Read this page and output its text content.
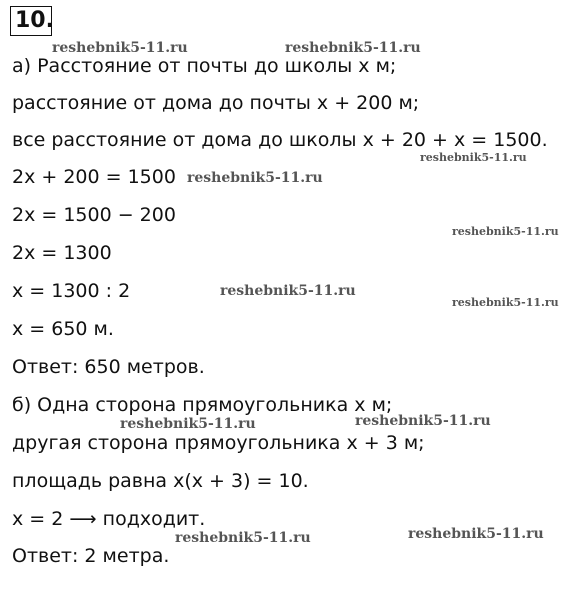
10.
а) Расстояние от почты до школы x м;
расстояние от дома до почты x + 200 м;
все расстояние от дома до школы x + 20 + x = 1500.
2x + 200 = 1500
2x = 1500 − 200
2x = 1300
x = 1300 : 2
x = 650 м.
Ответ: 650 метров.
б) Одна сторона прямоугольника x м;
другая сторона прямоугольника x + 3 м;
площадь равна x(x + 3) = 10.
x = 2 ⟶ подходит.
Ответ: 2 метра.
reshebnik5-11.ru	reshebnik5-11.ru
reshebnik5-11.ru
reshebnik5-11.ru
reshebnik5-11.ru
reshebnik5-11.ru
reshebnik5-11.ru
reshebnik5-11.ru	reshebnik5-11.ru
reshebnik5-11.ru
reshebnik5-11.ru
